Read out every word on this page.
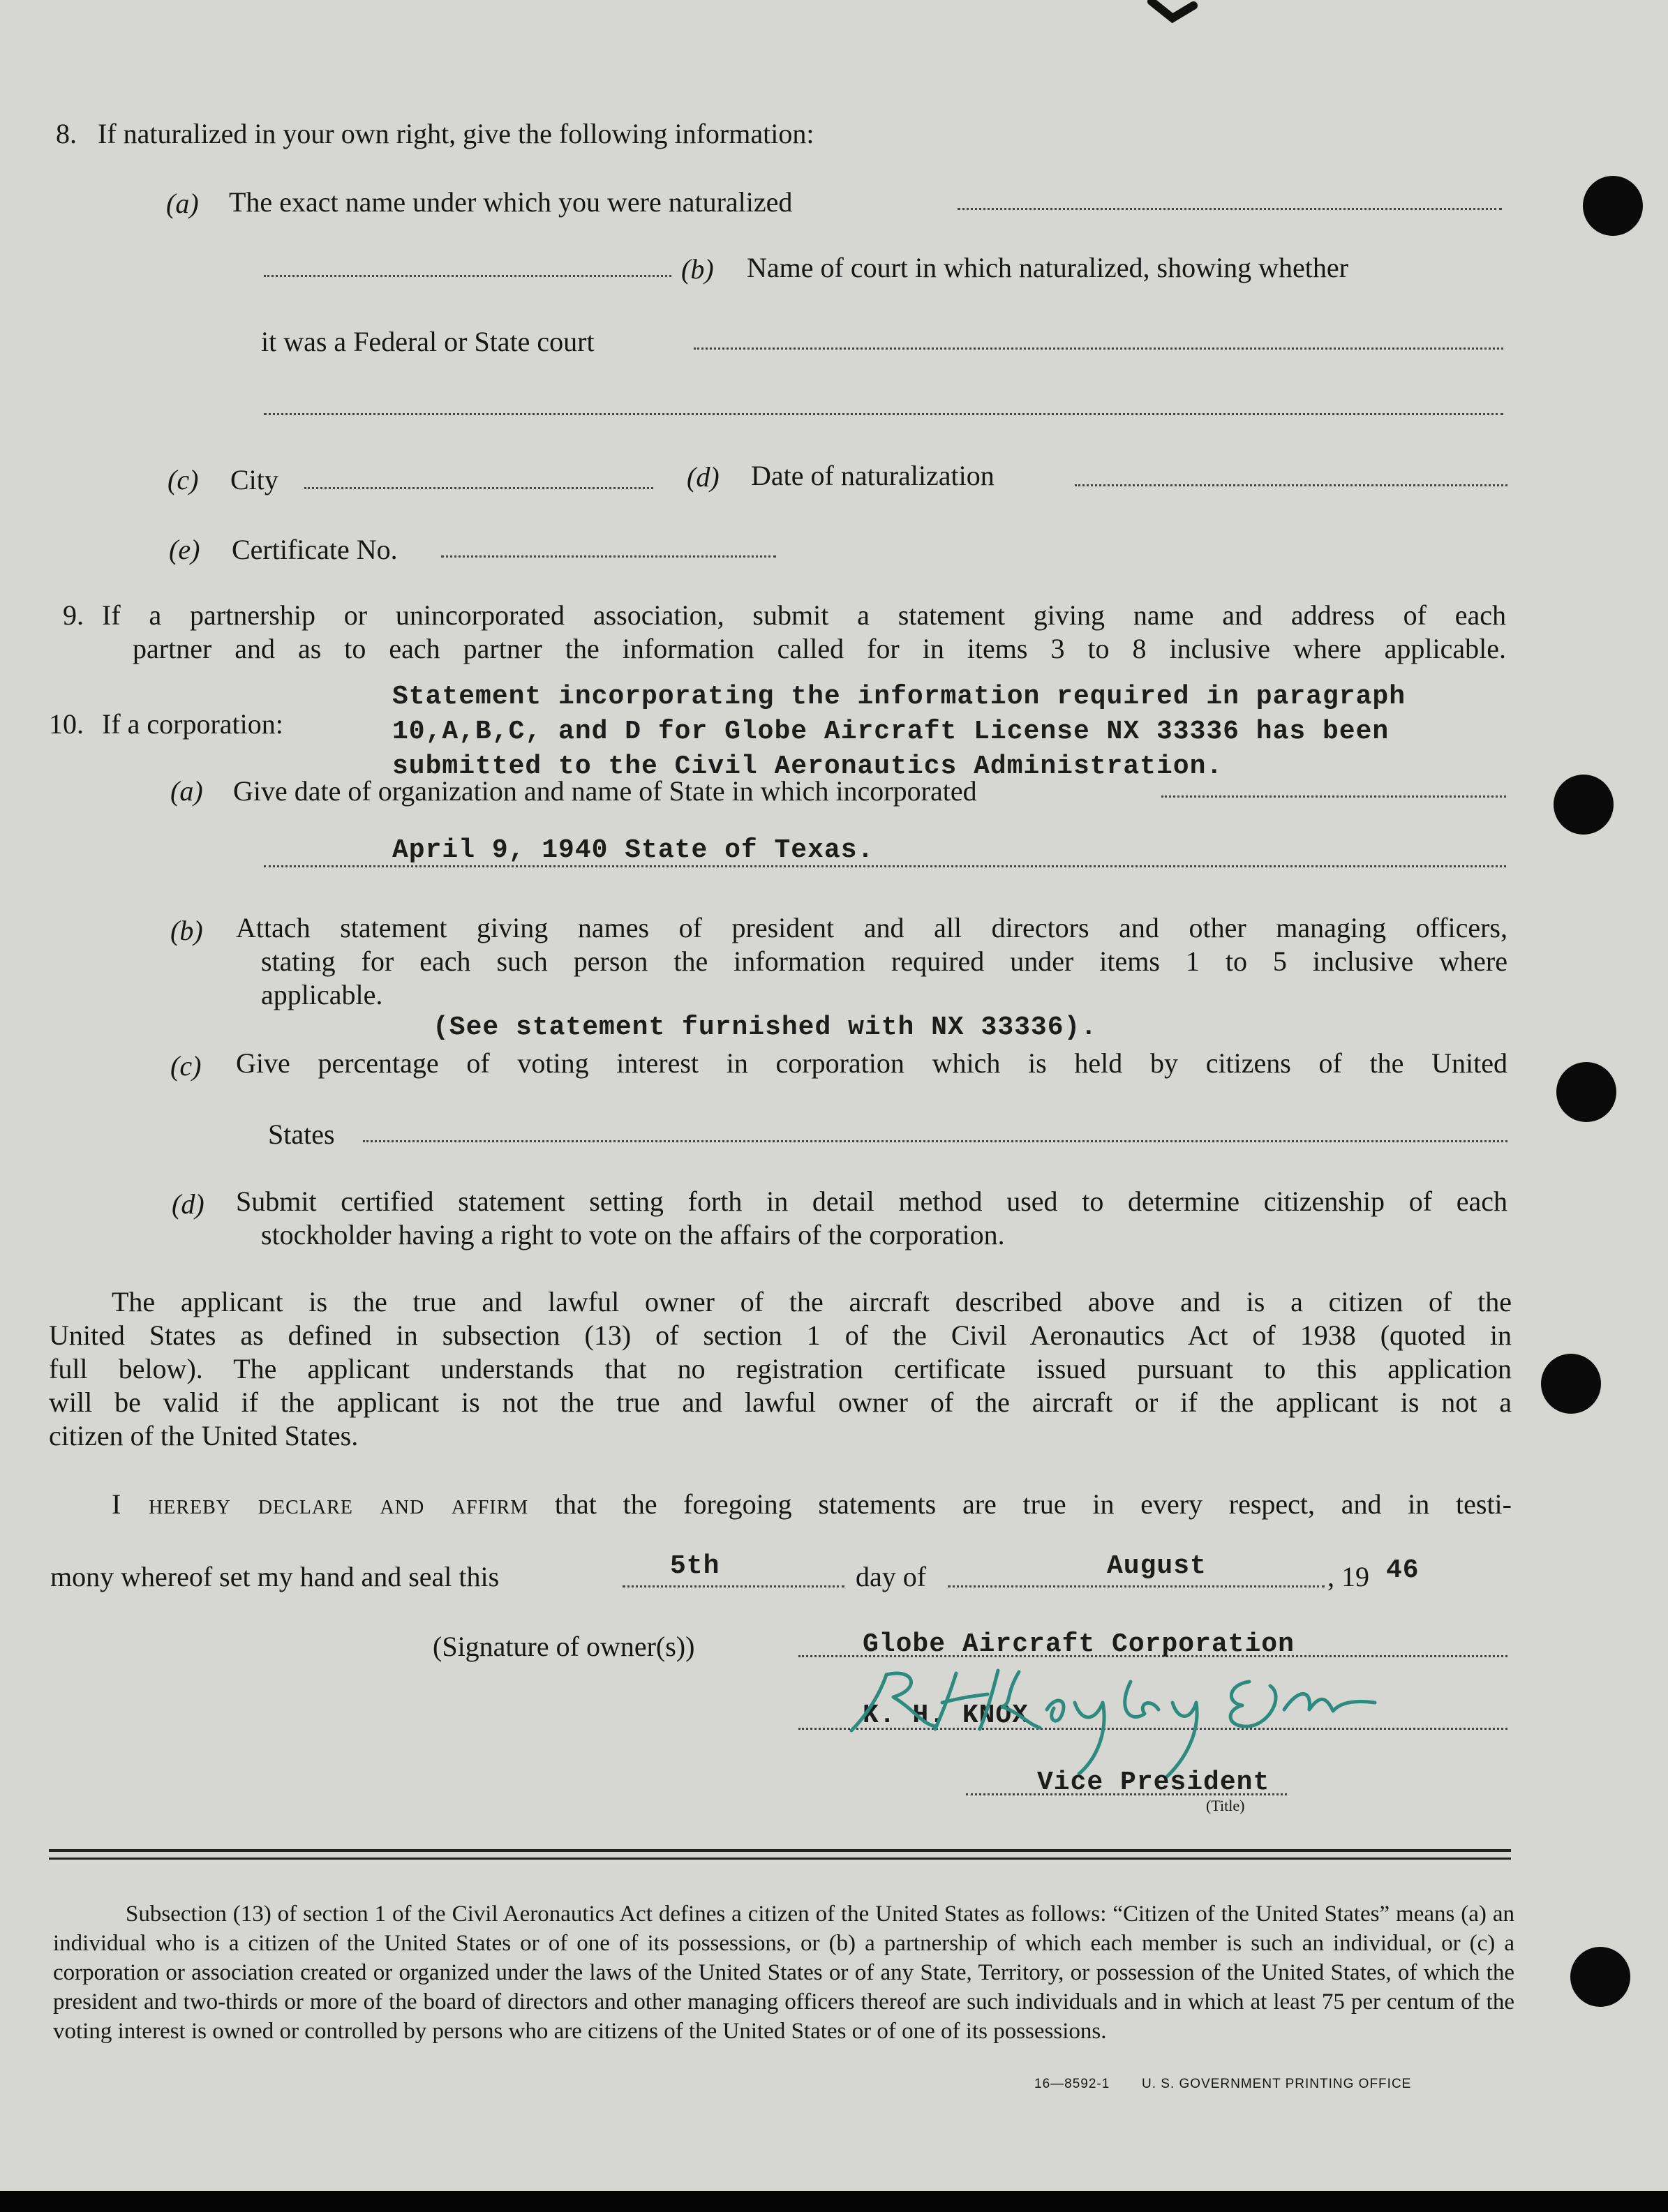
8. If naturalized in your own right, give the following information:
(a) The exact name under which you were naturalized
(b) Name of court in which naturalized, showing whether
it was a Federal or State court
(c) City	(d) Date of naturalization
(e) Certificate No.
9. If a partnership or unincorporated association, submit a statement giving name and address of each
partner and as to each partner the information called for in items 3 to 8 inclusive where applicable.
10. If a corporation:
Statement incorporating the information required in paragraph
10,A,B,C, and D for Globe Aircraft License NX 33336 has been
submitted to the Civil Aeronautics Administration.
(a) Give date of organization and name of State in which incorporated
April 9, 1940 State of Texas.
(b) Attach statement giving names of president and all directors and other managing officers,
stating for each such person the information required under items 1 to 5 inclusive where
applicable.
(See statement furnished with NX 33336).
(c) Give percentage of voting interest in corporation which is held by citizens of the United
States
(d) Submit certified statement setting forth in detail method used to determine citizenship of each
stockholder having a right to vote on the affairs of the corporation.
The applicant is the true and lawful owner of the aircraft described above and is a citizen of the
United States as defined in subsection (13) of section 1 of the Civil Aeronautics Act of 1938 (quoted in
full below). The applicant understands that no registration certificate issued pursuant to this application
will be valid if the applicant is not the true and lawful owner of the aircraft or if the applicant is not a
citizen of the United States.
I hereby declare and affirm that the foregoing statements are true in every respect, and in testi-
mony whereof set my hand and seal this	5th	day of	August	, 19 46
(Signature of owner(s))	Globe Aircraft Corporation
K. H. KNOX
Vice President
(Title)
Subsection (13) of section 1 of the Civil Aeronautics Act defines a citizen of the United States as follows: “Citizen of the United States” means (a) an individual who is a citizen of the United States or of one of its possessions, or (b) a partnership of which each member is such an individual, or (c) a corporation or association created or organized under the laws of the United States or of any State, Territory, or possession of the United States, of which the president and two-thirds or more of the board of directors and other managing officers thereof are such individuals and in which at least 75 per centum of the voting interest is owned or controlled by persons who are citizens of the United States or of one of its possessions.
16—8592-1 U. S. GOVERNMENT PRINTING OFFICE
